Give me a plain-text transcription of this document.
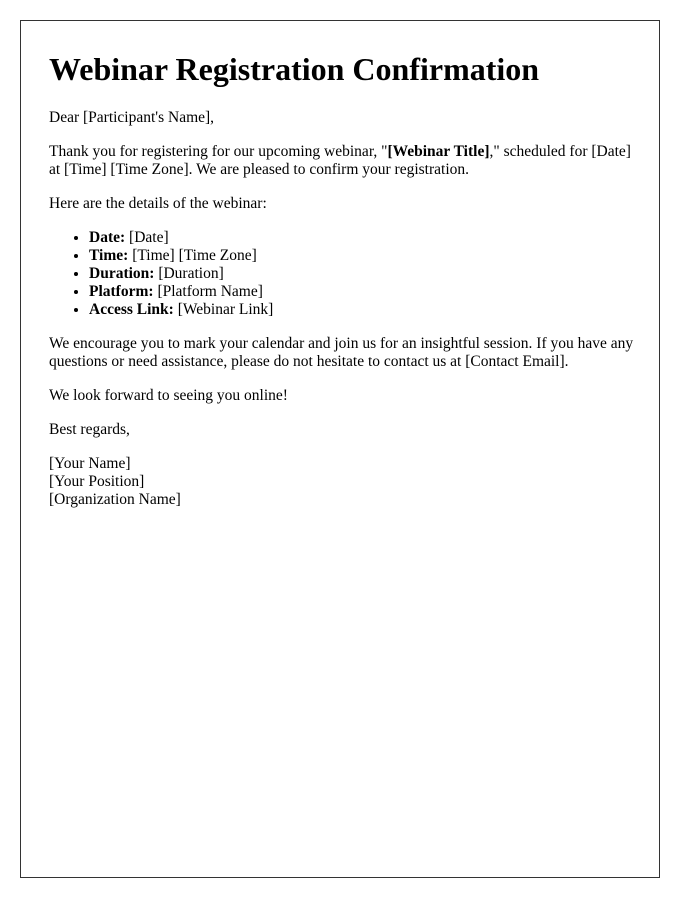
Webinar Registration Confirmation

Dear [Participant's Name],

Thank you for registering for our upcoming webinar, "[Webinar Title]," scheduled for [Date] at [Time] [Time Zone]. We are pleased to confirm your registration.

Here are the details of the webinar:

• Date: [Date]
• Time: [Time] [Time Zone]
• Duration: [Duration]
• Platform: [Platform Name]
• Access Link: [Webinar Link]

We encourage you to mark your calendar and join us for an insightful session. If you have any questions or need assistance, please do not hesitate to contact us at [Contact Email].

We look forward to seeing you online!

Best regards,

[Your Name]
[Your Position]
[Organization Name]
